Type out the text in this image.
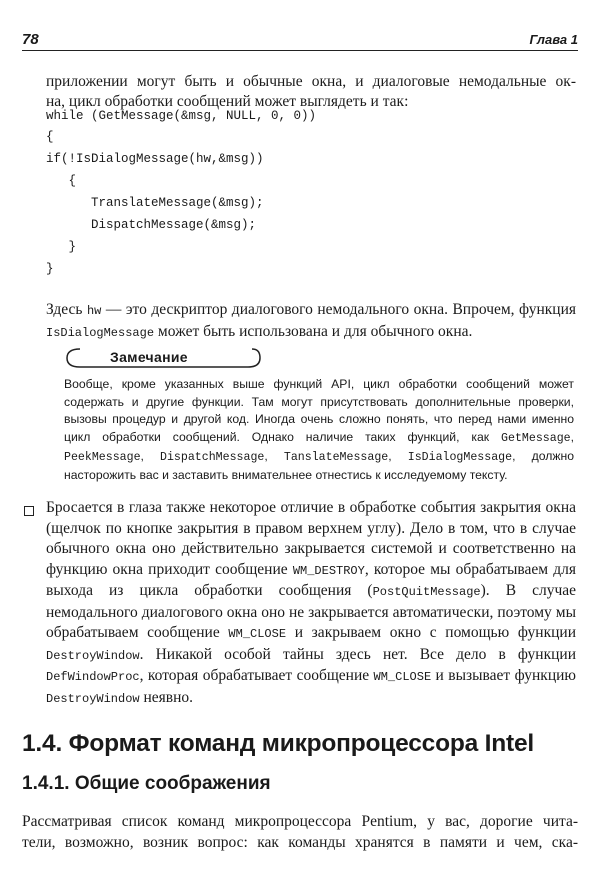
78	Глава 1

приложении могут быть и обычные окна, и диалоговые немодальные ок-

на, цикл обработки сообщений может выглядеть и так:

while (GetMessage(&msg, NULL, 0, 0))
{
if(!IsDialogMessage(hw,&msg))
{
TranslateMessage(&msg);
DispatchMessage(&msg);
}
}

Здесь hw — это дескриптор диалогового немодального окна. Впрочем, функция IsDialogMessage может быть использована и для обычного окна.

Замечание

Вообще, кроме указанных выше функций API, цикл обработки сообщений может содержать и другие функции. Там могут присутствовать дополнительные проверки, вызовы процедур и другой код. Иногда очень сложно понять, что перед нами именно цикл обработки сообщений. Однако наличие таких функций, как GetMessage, PeekMessage, DispatchMessage, TanslateMessage, IsDialogMessage, должно насторожить вас и заставить внимательнее отнестись к исследуемому тексту.

Бросается в глаза также некоторое отличие в обработке события закрытия окна (щелчок по кнопке закрытия в правом верхнем углу). Дело в том, что в случае обычного окна оно действительно закрывается системой и соответственно на функцию окна приходит сообщение WM_DESTROY, которое мы обрабатываем для выхода из цикла обработки сообщения (PostQuitMessage). В случае немодального диалогового окна оно не закрывается автоматически, поэтому мы обрабатываем сообщение WM_CLOSE и закрываем окно с помощью функции DestroyWindow. Никакой особой тайны здесь нет. Все дело в функции DefWindowProc, которая обрабатывает сообщение WM_CLOSE и вызывает функцию DestroyWindow неявно.

1.4. Формат команд микропроцессора Intel
1.4.1. Общие соображения

Рассматривая список команд микропроцессора Pentium, у вас, дорогие чита-

тели, возможно, возник вопрос: как команды хранятся в памяти и чем, ска-
